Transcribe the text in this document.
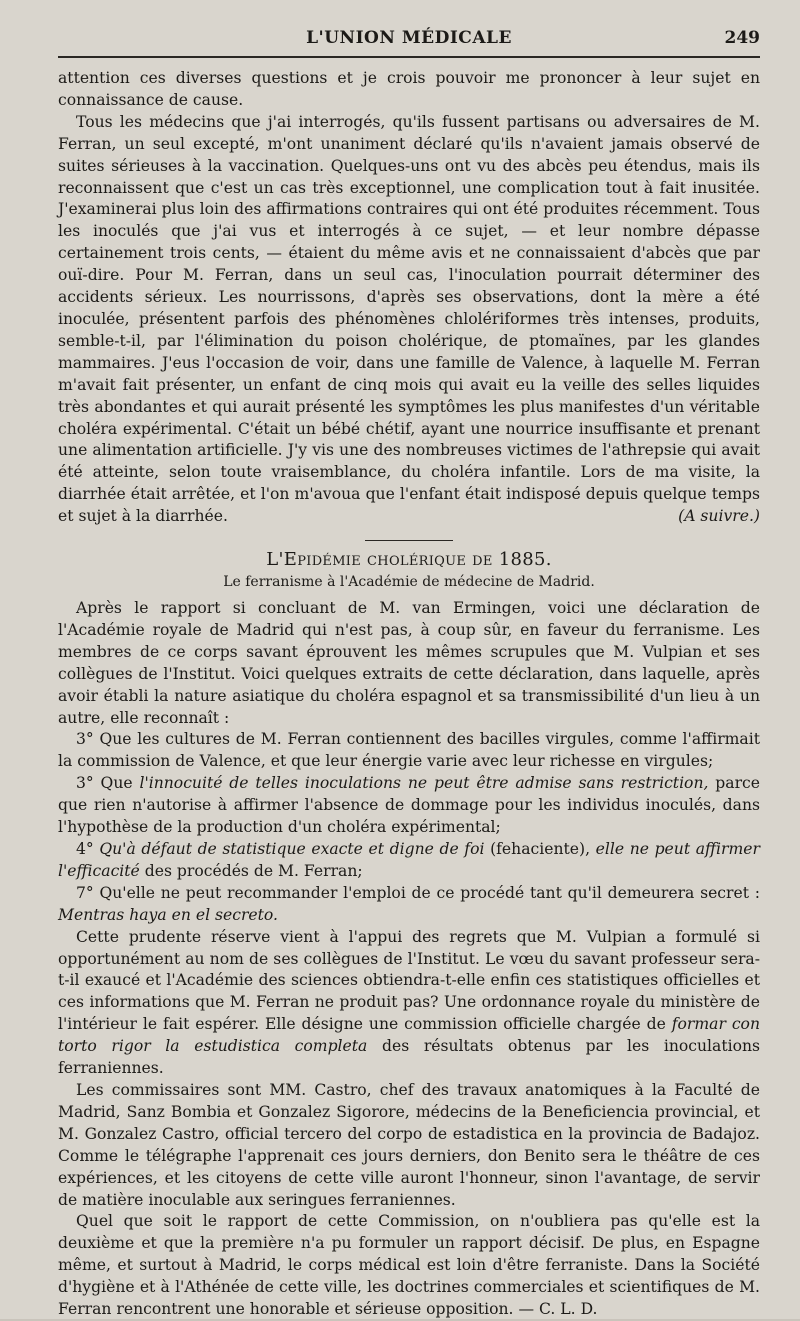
L'UNION MÉDICALE	249

attention ces diverses questions et je crois pouvoir me prononcer à leur sujet en connaissance de cause.

Tous les médecins que j'ai interrogés, qu'ils fussent partisans ou adversaires de M. Ferran, un seul excepté, m'ont unaniment déclaré qu'ils n'avaient jamais observé de suites sérieuses à la vaccination. Quelques-uns ont vu des abcès peu étendus, mais ils reconnaissent que c'est un cas très exceptionnel, une complication tout à fait inusitée. J'examinerai plus loin des affirmations contraires qui ont été produites récemment. Tous les inoculés que j'ai vus et interrogés à ce sujet, — et leur nombre dépasse certainement trois cents, — étaient du même avis et ne connaissaient d'abcès que par ouï-dire. Pour M. Ferran, dans un seul cas, l'inoculation pourrait déterminer des accidents sérieux. Les nourrissons, d'après ses observations, dont la mère a été inoculée, présentent parfois des phénomènes chlolériformes très intenses, produits, semble-t-il, par l'élimination du poison cholérique, de ptomaïnes, par les glandes mammaires. J'eus l'occasion de voir, dans une famille de Valence, à laquelle M. Ferran m'avait fait présenter, un enfant de cinq mois qui avait eu la veille des selles liquides très abondantes et qui aurait présenté les symptômes les plus manifestes d'un véritable choléra expérimental. C'était un bébé chétif, ayant une nourrice insuffisante et prenant une alimentation artificielle. J'y vis une des nombreuses victimes de l'athrepsie qui avait été atteinte, selon toute vraisemblance, du choléra infantile. Lors de ma visite, la diarrhée était arrêtée, et l'on m'avoua que l'enfant était indisposé depuis quelque temps et sujet à la diarrhée.	(A suivre.)

L'Epidémie cholérique de 1885.
Le ferranisme à l'Académie de médecine de Madrid.

Après le rapport si concluant de M. van Ermingen, voici une déclaration de l'Académie royale de Madrid qui n'est pas, à coup sûr, en faveur du ferranisme. Les membres de ce corps savant éprouvent les mêmes scrupules que M. Vulpian et ses collègues de l'Institut. Voici quelques extraits de cette déclaration, dans laquelle, après avoir établi la nature asiatique du choléra espagnol et sa transmissibilité d'un lieu à un autre, elle reconnaît :

3° Que les cultures de M. Ferran contiennent des bacilles virgules, comme l'affirmait la commission de Valence, et que leur énergie varie avec leur richesse en virgules;

3° Que l'innocuité de telles inoculations ne peut être admise sans restriction, parce que rien n'autorise à affirmer l'absence de dommage pour les individus inoculés, dans l'hypothèse de la production d'un choléra expérimental;

4° Qu'à défaut de statistique exacte et digne de foi (fehaciente), elle ne peut affirmer l'efficacité des procédés de M. Ferran;

7° Qu'elle ne peut recommander l'emploi de ce procédé tant qu'il demeurera secret : Mentras haya en el secreto.

Cette prudente réserve vient à l'appui des regrets que M. Vulpian a formulé si opportunément au nom de ses collègues de l'Institut. Le vœu du savant professeur sera-t-il exaucé et l'Académie des sciences obtiendra-t-elle enfin ces statistiques officielles et ces informations que M. Ferran ne produit pas? Une ordonnance royale du ministère de l'intérieur le fait espérer. Elle désigne une commission officielle chargée de formar con torto rigor la estudistica completa des résultats obtenus par les inoculations ferraniennes.

Les commissaires sont MM. Castro, chef des travaux anatomiques à la Faculté de Madrid, Sanz Bombia et Gonzalez Sigorore, médecins de la Beneficiencia provincial, et M. Gonzalez Castro, official tercero del corpo de estadistica en la provincia de Badajoz. Comme le télégraphe l'apprenait ces jours derniers, don Benito sera le théâtre de ces expériences, et les citoyens de cette ville auront l'honneur, sinon l'avantage, de servir de matière inoculable aux seringues ferraniennes.

Quel que soit le rapport de cette Commission, on n'oubliera pas qu'elle est la deuxième et que la première n'a pu formuler un rapport décisif. De plus, en Espagne même, et surtout à Madrid, le corps médical est loin d'être ferraniste. Dans la Société d'hygiène et à l'Athénée de cette ville, les doctrines commerciales et scientifiques de M. Ferran rencontrent une honorable et sérieuse opposition. — C. L. D.
